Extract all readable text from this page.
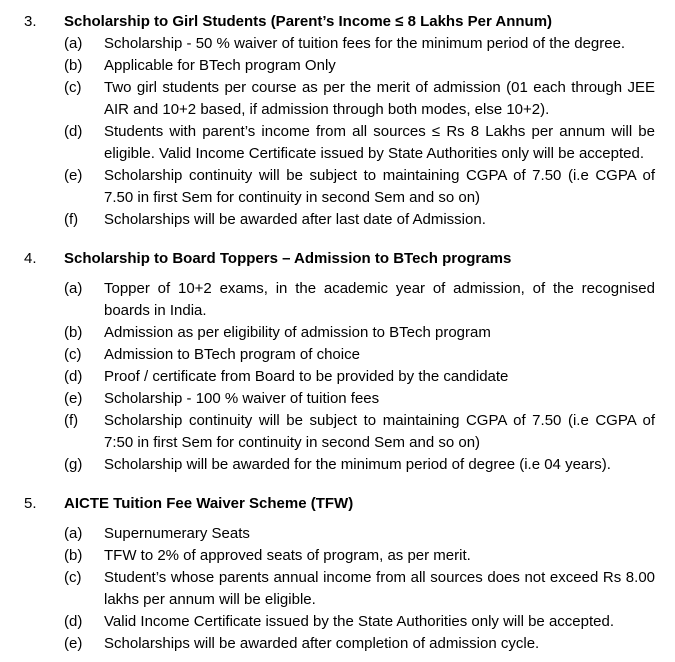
3. Scholarship to Girl Students (Parent’s Income ≤ 8 Lakhs Per Annum)
(a) Scholarship - 50 % waiver of tuition fees for the minimum period of the degree.
(b) Applicable for BTech program Only
(c) Two girl students per course as per the merit of admission (01 each through JEE AIR and 10+2 based, if admission through both modes, else 10+2).
(d) Students with parent’s income from all sources ≤ Rs 8 Lakhs per annum will be eligible. Valid Income Certificate issued by State Authorities only will be accepted.
(e) Scholarship continuity will be subject to maintaining CGPA of 7.50 (i.e CGPA of 7.50 in first Sem for continuity in second Sem and so on)
(f) Scholarships will be awarded after last date of Admission.
4. Scholarship to Board Toppers – Admission to BTech programs
(a) Topper of 10+2 exams, in the academic year of admission, of the recognised boards in India.
(b) Admission as per eligibility of admission to BTech program
(c) Admission to BTech program of choice
(d) Proof / certificate from Board to be provided by the candidate
(e) Scholarship - 100 % waiver of tuition fees
(f) Scholarship continuity will be subject to maintaining CGPA of 7.50 (i.e CGPA of 7:50 in first Sem for continuity in second Sem and so on)
(g) Scholarship will be awarded for the minimum period of degree (i.e 04 years).
5. AICTE Tuition Fee Waiver Scheme (TFW)
(a) Supernumerary Seats
(b) TFW to 2% of approved seats of program, as per merit.
(c) Student’s whose parents annual income from all sources does not exceed Rs 8.00 lakhs per annum will be eligible.
(d) Valid Income Certificate issued by the State Authorities only will be accepted.
(e) Scholarships will be awarded after completion of admission cycle.
